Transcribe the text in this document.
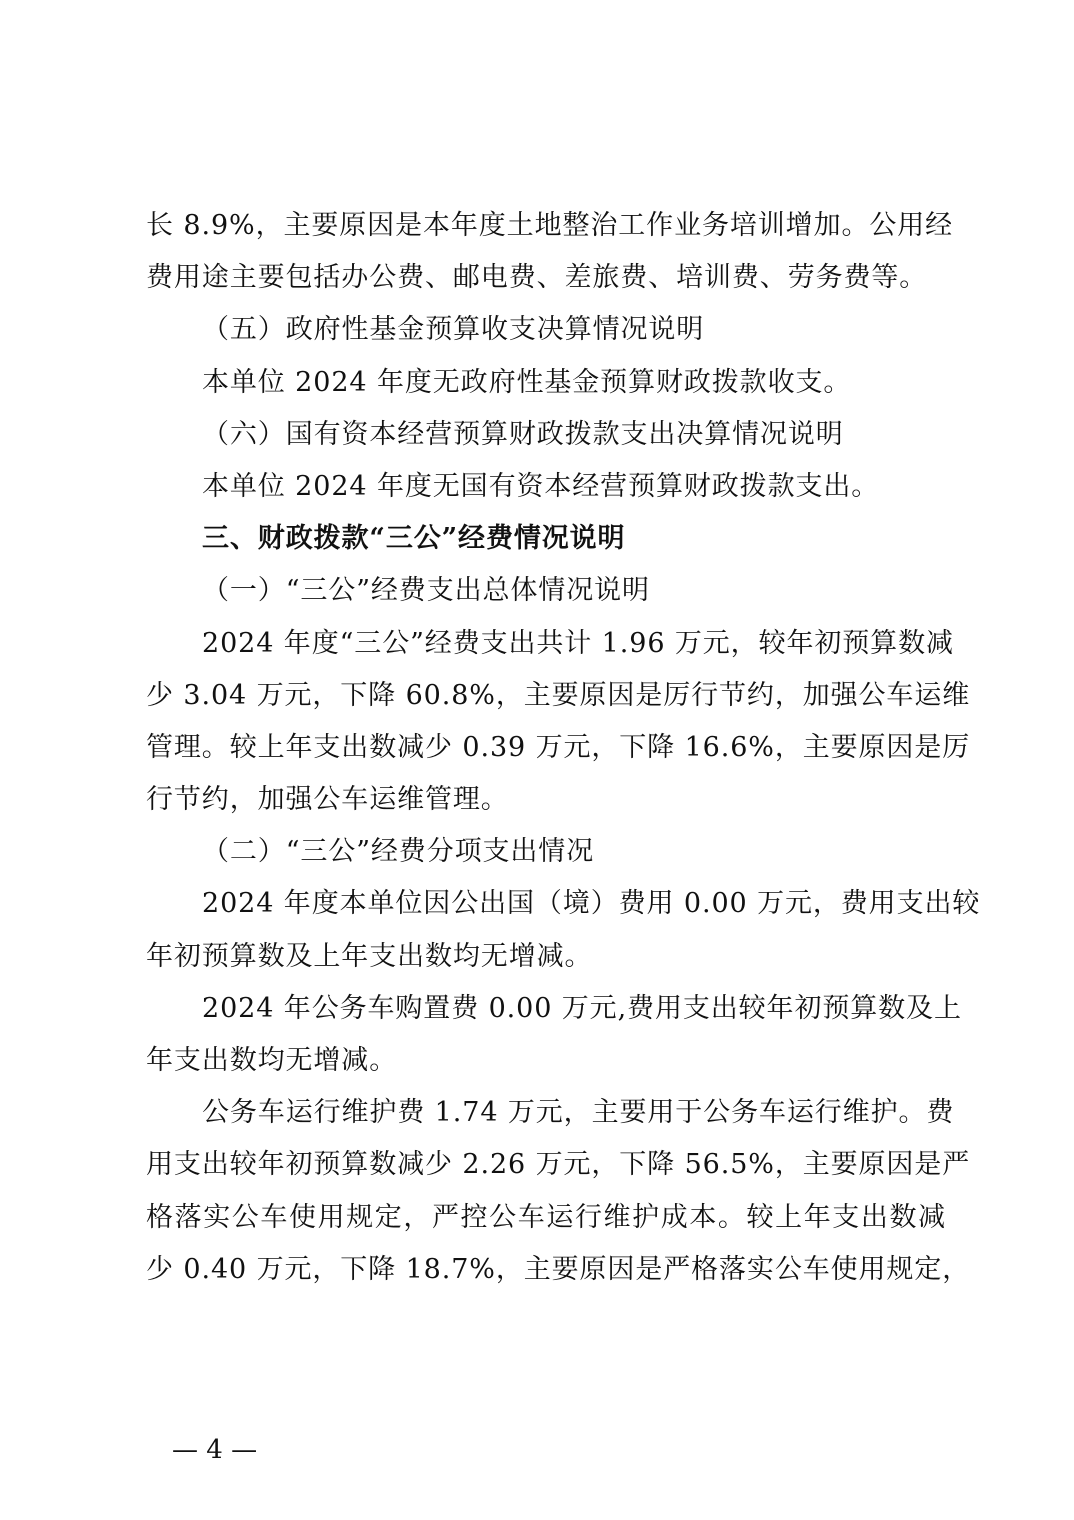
长 8.9%，主要原因是本年度土地整治工作业务培训增加。公用经
费用途主要包括办公费、邮电费、差旅费、培训费、劳务费等。
（五）政府性基金预算收支决算情况说明
本单位 2024 年度无政府性基金预算财政拨款收支。
（六）国有资本经营预算财政拨款支出决算情况说明
本单位 2024 年度无国有资本经营预算财政拨款支出。
三、财政拨款“三公”经费情况说明
（一）“三公”经费支出总体情况说明
2024 年度“三公”经费支出共计 1.96 万元，较年初预算数减
少 3.04 万元，下降 60.8%，主要原因是厉行节约，加强公车运维
管理。较上年支出数减少 0.39 万元，下降 16.6%，主要原因是厉
行节约，加强公车运维管理。
（二）“三公”经费分项支出情况
2024 年度本单位因公出国（境）费用 0.00 万元，费用支出较
年初预算数及上年支出数均无增减。
2024 年公务车购置费 0.00 万元,费用支出较年初预算数及上
年支出数均无增减。
公务车运行维护费 1.74 万元，主要用于公务车运行维护。费
用支出较年初预算数减少 2.26 万元，下降 56.5%，主要原因是严
格落实公车使用规定，严控公车运行维护成本。较上年支出数减
少 0.40 万元，下降 18.7%，主要原因是严格落实公车使用规定，
— 4 —
